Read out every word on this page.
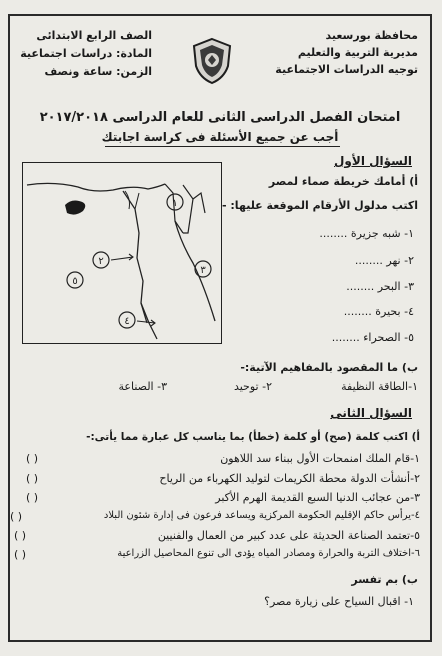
محافظة بورسعيد
مديرية التربية والتعليم
توجيه الدراسات الاجتماعية
الصف الرابع الابتدائى
المادة: دراسات اجتماعية
الزمن: ساعة ونصف
امتحان الفصل الدراسى الثانى للعام الدراسى ٢٠١٧/٢٠١٨
أجب عن جميع الأسئلة فى كراسة اجابتك
السؤال الأول
أ) أمامك خريطة صماء لمصر
اكتب مدلول الأرقام الموقعة عليها: -
١- شبه جزيرة ........
٢- نهر ........
٣- البحر ........
٤- بحيرة ........
٥- الصحراء ........
١
٢
٣
٤
٥
ب) ما المقصود بالمفاهيم الآتية:-
١-الطاقة النظيفة
٢- توحيد
٣- الصناعة
السؤال الثانى
أ) اكتب كلمة (صح) أو كلمة (خطأ) بما يناسب كل عبارة مما يأتى:-
١-قام الملك امنمحات الأول ببناء سد اللاهون
( )
٢-أنشأت الدولة محطة الكريمات لتوليد الكهرباء من الرياح
( )
٣-من عجائب الدنيا السبع القديمة الهرم الأكبر
( )
٤-يرأس حاكم الإقليم الحكومة المركزية ويساعد فرعون فى إدارة شئون البلاد
( )
٥-تعتمد الصناعة الحديثة على عدد كبير من العمال والفنيين
( )
٦-اختلاف التربة والحرارة ومصادر المياه يؤدى الى تنوع المحاصيل الزراعية
( )
ب) بم تفسر
١- اقبال السياح على زيارة مصر؟
